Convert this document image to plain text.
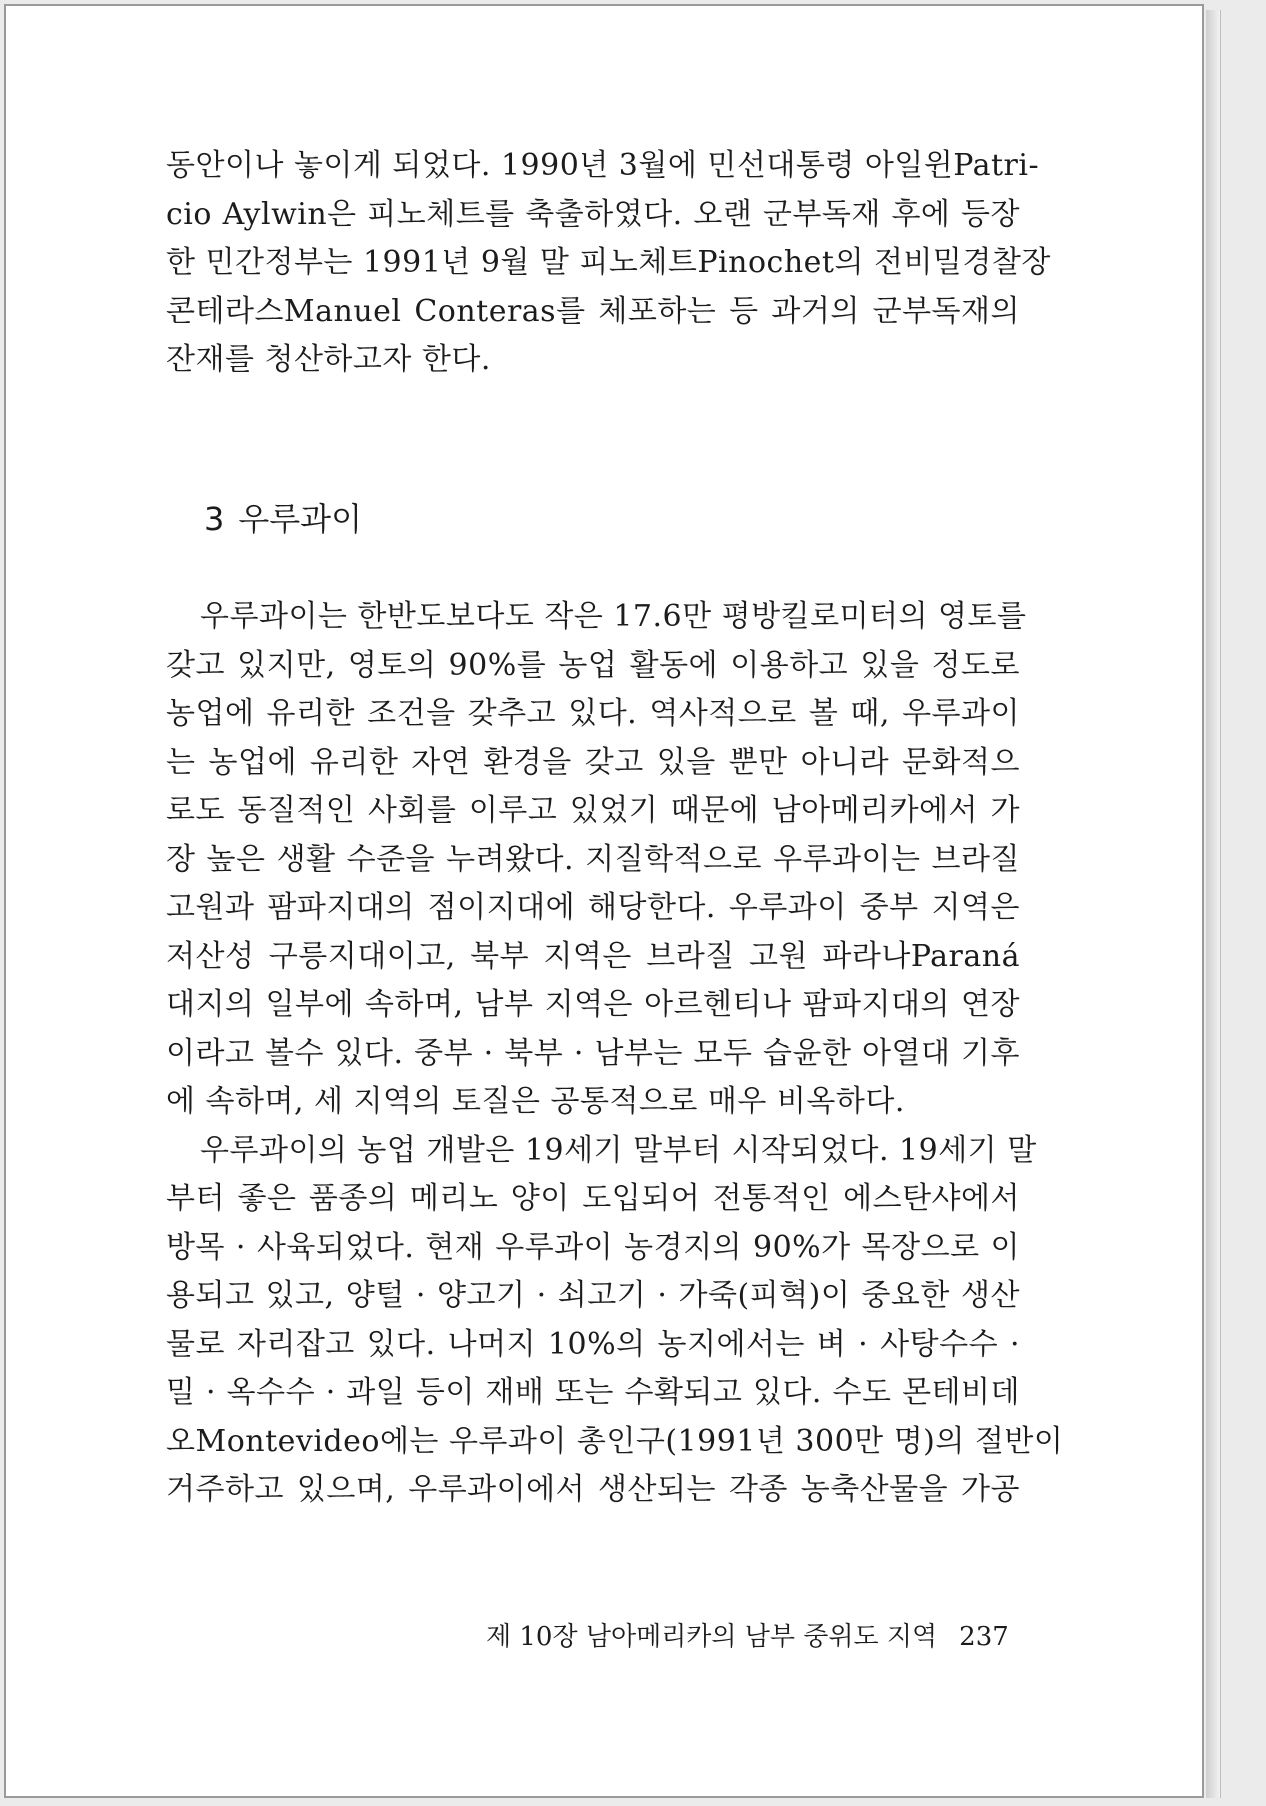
동안이나 놓이게 되었다. 1990년 3월에 민선대통령 아일윈Patri-
cio Aylwin은 피노체트를 축출하였다. 오랜 군부독재 후에 등장
한 민간정부는 1991년 9월 말 피노체트Pinochet의 전비밀경찰장
콘테라스Manuel Conteras를 체포하는 등 과거의 군부독재의
잔재를 청산하고자 한다.

3 우루과이

우루과이는 한반도보다도 작은 17.6만 평방킬로미터의 영토를
갖고 있지만, 영토의 90%를 농업 활동에 이용하고 있을 정도로
농업에 유리한 조건을 갖추고 있다. 역사적으로 볼 때, 우루과이
는 농업에 유리한 자연 환경을 갖고 있을 뿐만 아니라 문화적으
로도 동질적인 사회를 이루고 있었기 때문에 남아메리카에서 가
장 높은 생활 수준을 누려왔다. 지질학적으로 우루과이는 브라질
고원과 팜파지대의 점이지대에 해당한다. 우루과이 중부 지역은
저산성 구릉지대이고, 북부 지역은 브라질 고원 파라나Paraná
대지의 일부에 속하며, 남부 지역은 아르헨티나 팜파지대의 연장
이라고 볼수 있다. 중부 · 북부 · 남부는 모두 습윤한 아열대 기후
에 속하며, 세 지역의 토질은 공통적으로 매우 비옥하다.

우루과이의 농업 개발은 19세기 말부터 시작되었다. 19세기 말
부터 좋은 품종의 메리노 양이 도입되어 전통적인 에스탄샤에서
방목 · 사육되었다. 현재 우루과이 농경지의 90%가 목장으로 이
용되고 있고, 양털 · 양고기 · 쇠고기 · 가죽(피혁)이 중요한 생산
물로 자리잡고 있다. 나머지 10%의 농지에서는 벼 · 사탕수수 ·
밀 · 옥수수 · 과일 등이 재배 또는 수확되고 있다. 수도 몬테비데
오Montevideo에는 우루과이 총인구(1991년 300만 명)의 절반이
거주하고 있으며, 우루과이에서 생산되는 각종 농축산물을 가공

제 10장 남아메리카의 남부 중위도 지역 237
